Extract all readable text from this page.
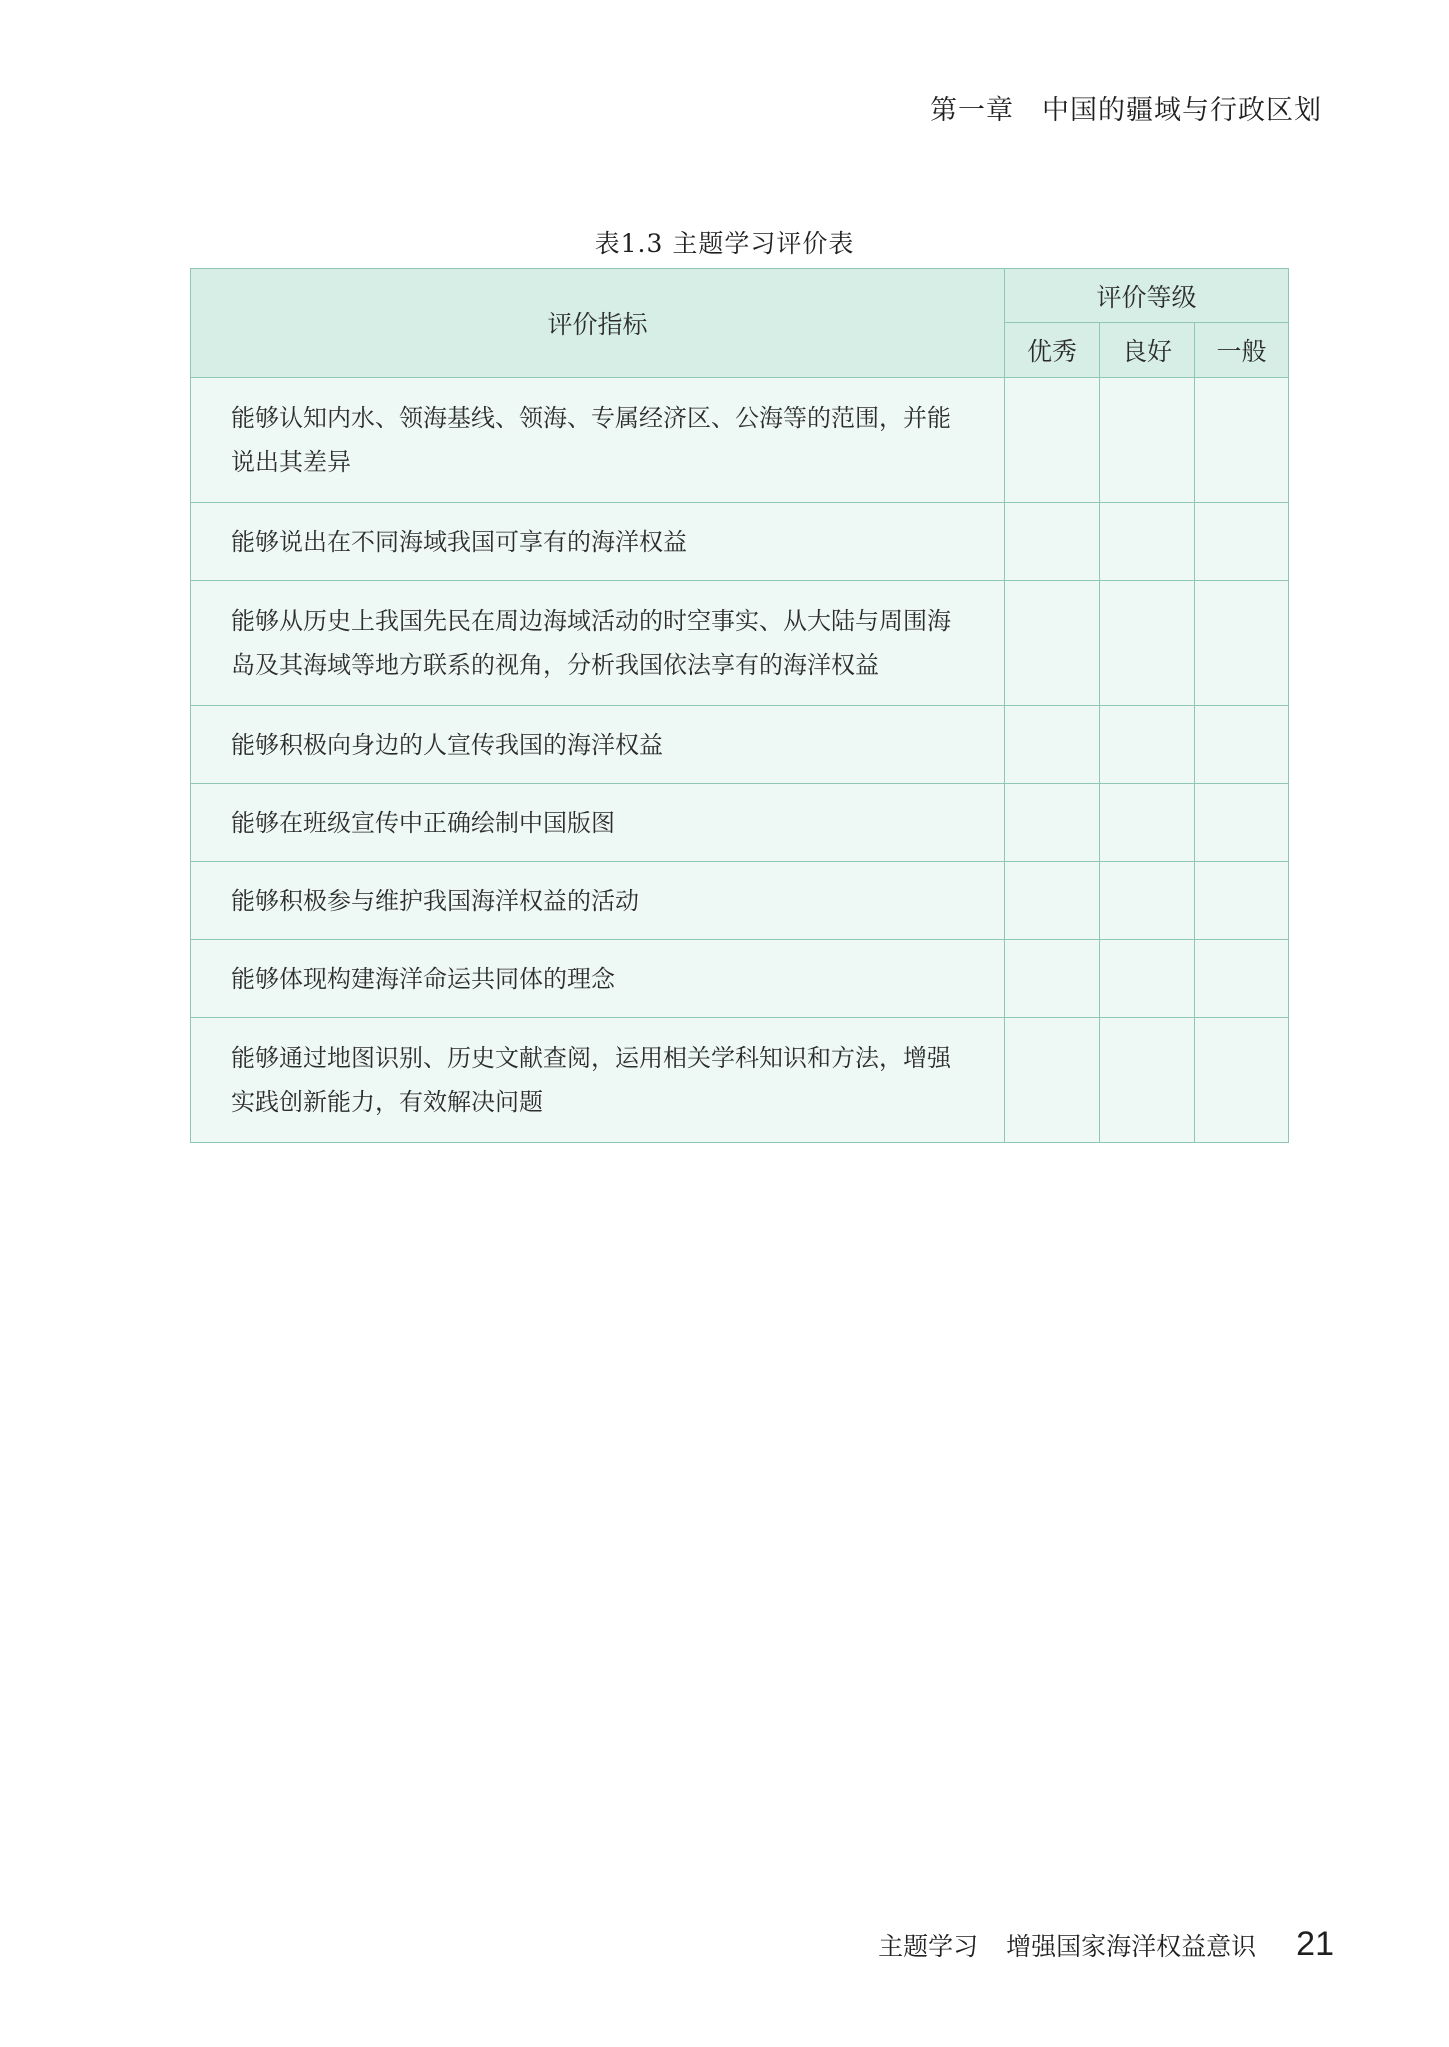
第一章 中国的疆域与行政区划
表1.3 主题学习评价表
评价指标	评价等级		
	优秀	良好	一般
能够认知内水、领海基线、领海、专属经济区、公海等的范围，并能说出其差异			
能够说出在不同海域我国可享有的海洋权益			
能够从历史上我国先民在周边海域活动的时空事实、从大陆与周围海岛及其海域等地方联系的视角，分析我国依法享有的海洋权益			
能够积极向身边的人宣传我国的海洋权益			
能够在班级宣传中正确绘制中国版图			
能够积极参与维护我国海洋权益的活动			
能够体现构建海洋命运共同体的理念			
能够通过地图识别、历史文献查阅，运用相关学科知识和方法，增强实践创新能力，有效解决问题			
主题学习 增强国家海洋权益意识 21
